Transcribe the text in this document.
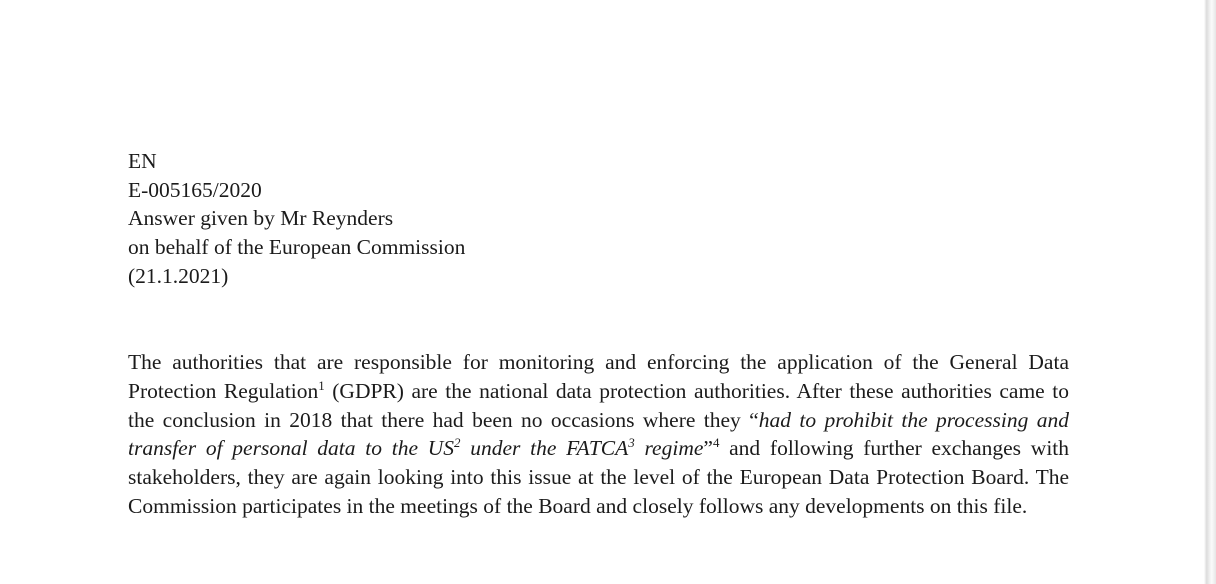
EN
E-005165/2020
Answer given by Mr Reynders
on behalf of the European Commission
(21.1.2021)

The authorities that are responsible for monitoring and enforcing the application of the General Data Protection Regulation$^1$ (GDPR) are the national data protection authorities. After these authorities came to the conclusion in 2018 that there had been no occasions where they “had to prohibit the processing and transfer of personal data to the $US^2$ under the FATCA$^3$ regime”$^4$ and following further exchanges with stakeholders, they are again looking into this issue at the level of the European Data Protection Board. The Commission participates in the meetings of the Board and closely follows any developments on this file.
